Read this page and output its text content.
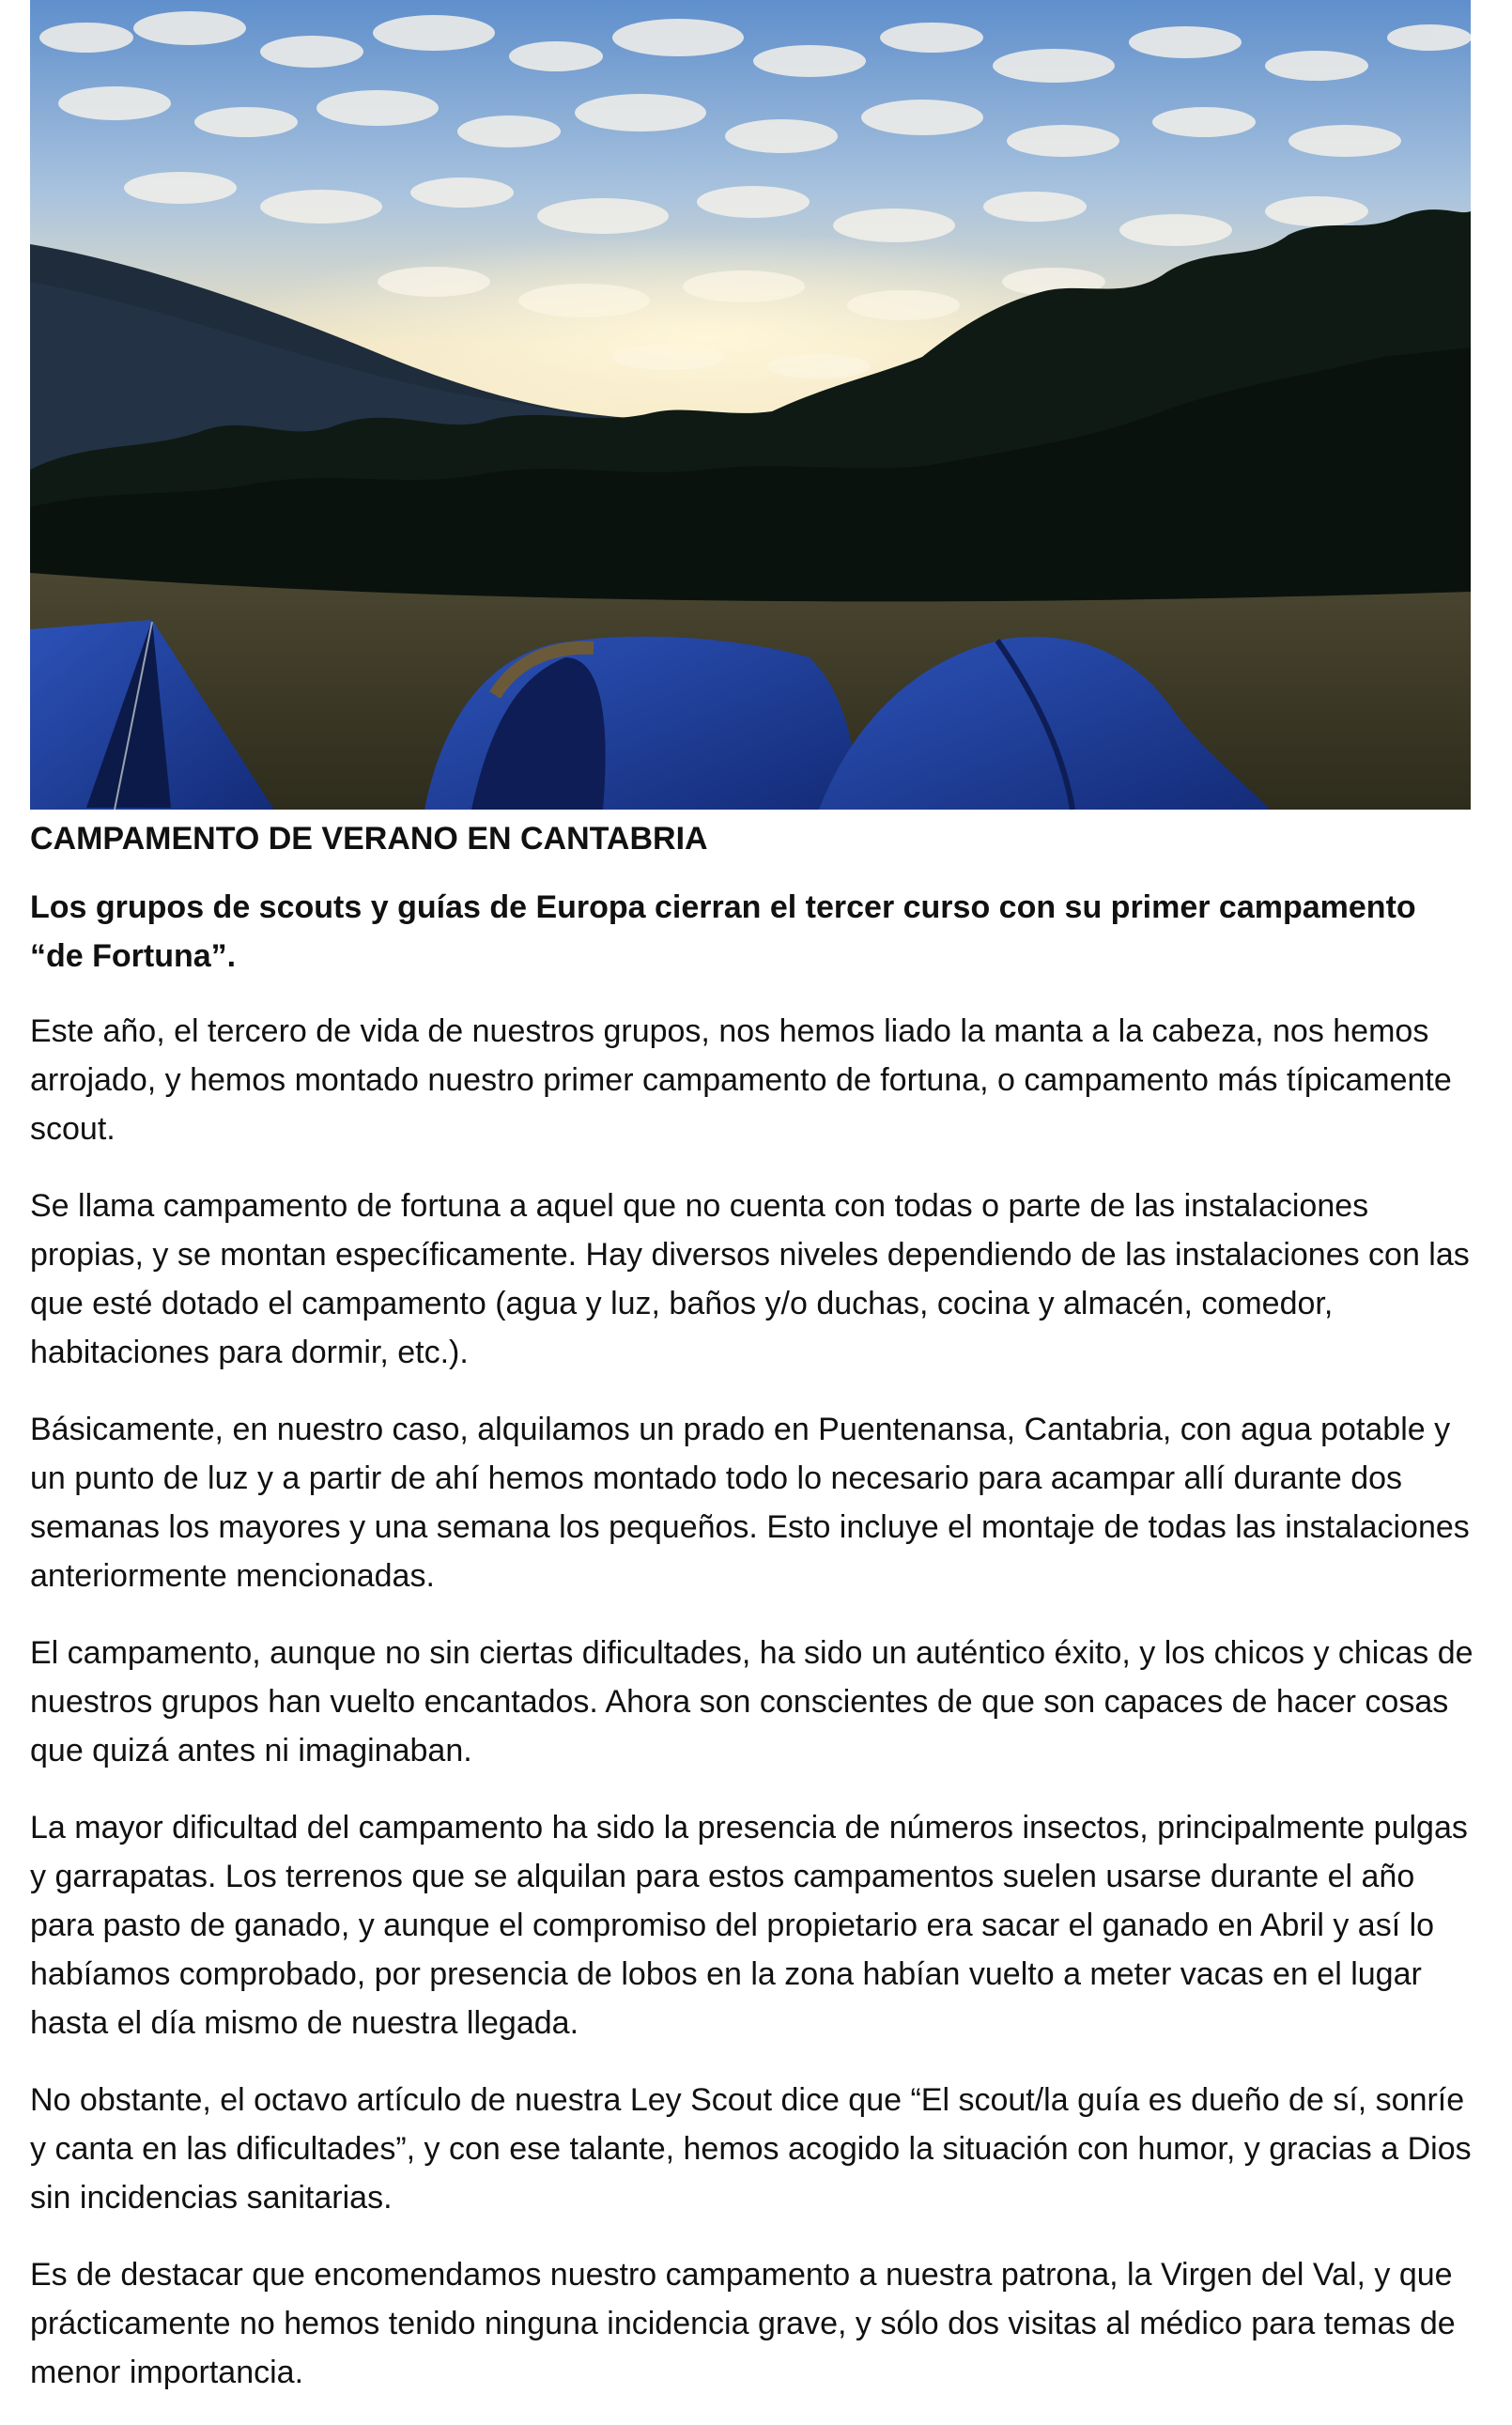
CAMPAMENTO DE VERANO EN CANTABRIA
Los grupos de scouts y guías de Europa cierran el tercer curso con su primer campamento “de Fortuna”.

Este año, el tercero de vida de nuestros grupos, nos hemos liado la manta a la cabeza, nos hemos arrojado, y hemos montado nuestro primer campamento de fortuna, o campamento más típicamente scout.

Se llama campamento de fortuna a aquel que no cuenta con todas o parte de las instalaciones propias, y se montan específicamente. Hay diversos niveles dependiendo de las instalaciones con las que esté dotado el campamento (agua y luz, baños y/o duchas, cocina y almacén, comedor, habitaciones para dormir, etc.).

Básicamente, en nuestro caso, alquilamos un prado en Puentenansa, Cantabria, con agua potable y un punto de luz y a partir de ahí hemos montado todo lo necesario para acampar allí durante dos semanas los mayores y una semana los pequeños. Esto incluye el montaje de todas las instalaciones anteriormente mencionadas.

El campamento, aunque no sin ciertas dificultades, ha sido un auténtico éxito, y los chicos y chicas de nuestros grupos han vuelto encantados. Ahora son conscientes de que son capaces de hacer cosas que quizá antes ni imaginaban.

La mayor dificultad del campamento ha sido la presencia de números insectos, principalmente pulgas y garrapatas. Los terrenos que se alquilan para estos campamentos suelen usarse durante el año para pasto de ganado, y aunque el compromiso del propietario era sacar el ganado en Abril y así lo habíamos comprobado, por presencia de lobos en la zona habían vuelto a meter vacas en el lugar hasta el día mismo de nuestra llegada.

No obstante, el octavo artículo de nuestra Ley Scout dice que “El scout/la guía es dueño de sí, sonríe y canta en las dificultades”, y con ese talante, hemos acogido la situación con humor, y gracias a Dios sin incidencias sanitarias.

Es de destacar que encomendamos nuestro campamento a nuestra patrona, la Virgen del Val, y que prácticamente no hemos tenido ninguna incidencia grave, y sólo dos visitas al médico para temas de menor importancia.
